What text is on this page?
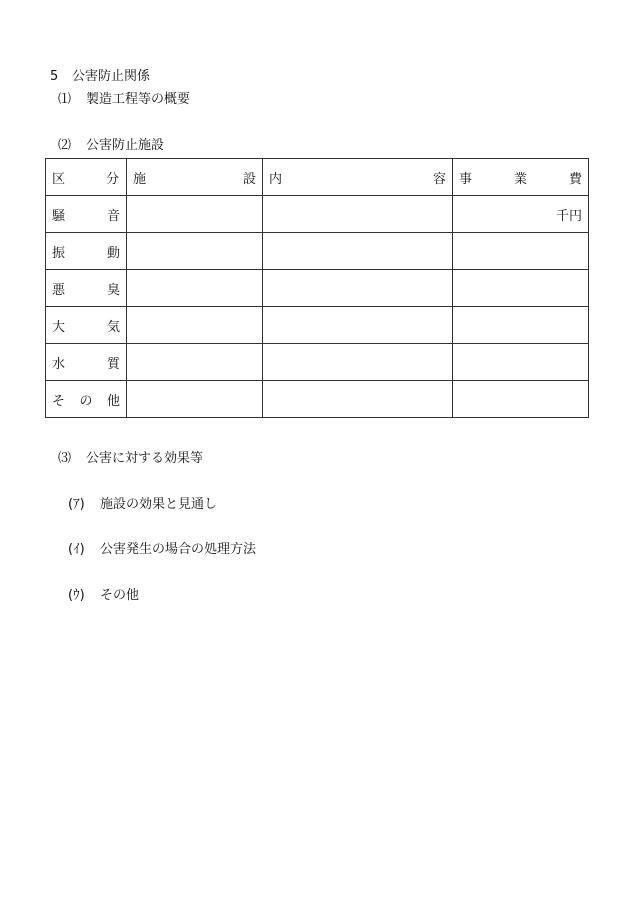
5 公害防止関係
⑴ 製造工程等の概要
⑵ 公害防止施設
区 分	施 設	内 容	事 業 費

騒 音			千円

振 動			

悪 臭			

大 気			

水 質			

そ の 他			

⑶ 公害に対する効果等
(ｱ) 施設の効果と見通し
(ｲ) 公害発生の場合の処理方法
(ｳ) その他
